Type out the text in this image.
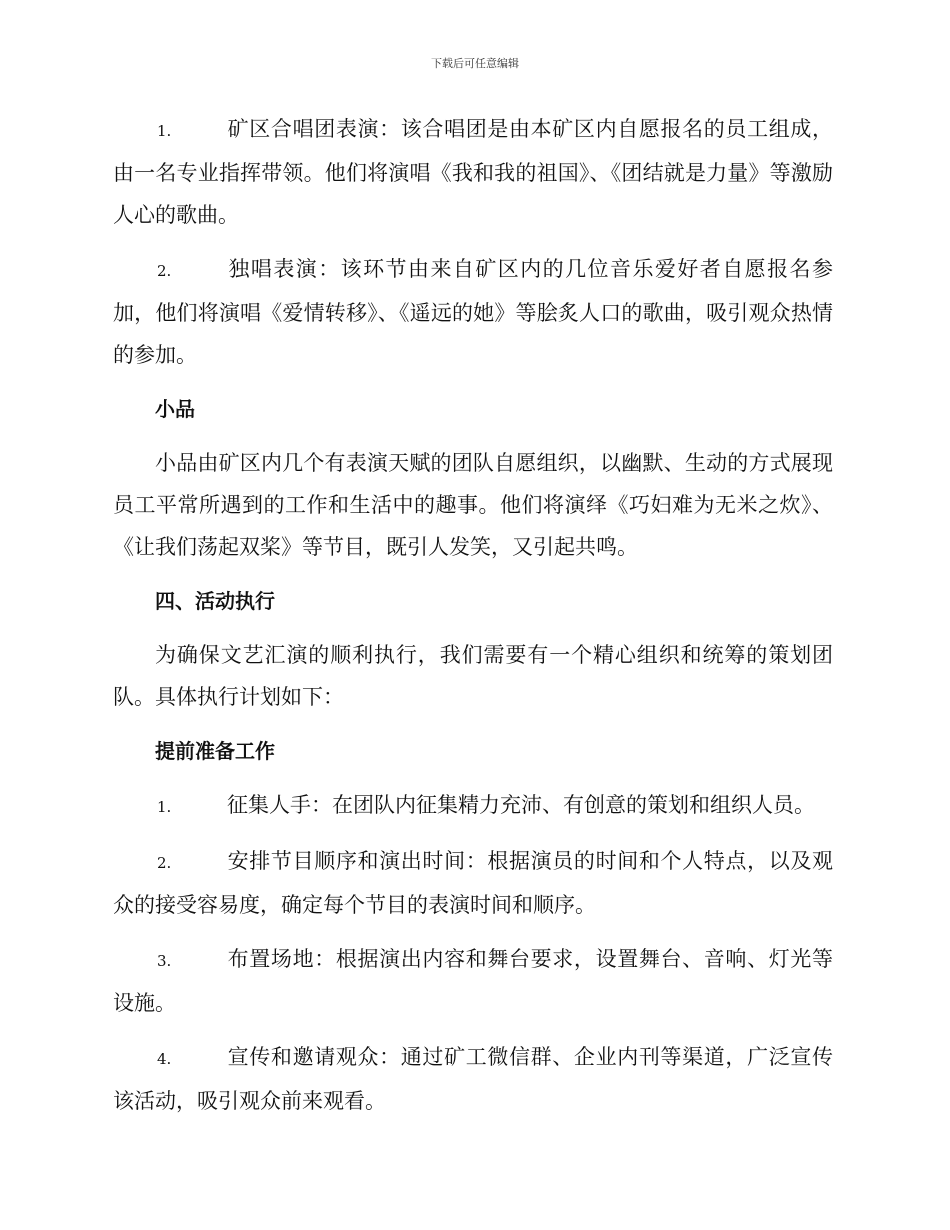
下载后可任意编辑

1.	矿区合唱团表演：该合唱团是由本矿区内自愿报名的员工组成，由一名专业指挥带领。他们将演唱《我和我的祖国》、《团结就是力量》等激励人心的歌曲。

2.	独唱表演：该环节由来自矿区内的几位音乐爱好者自愿报名参加，他们将演唱《爱情转移》、《遥远的她》等脍炙人口的歌曲，吸引观众热情的参加。

小品

小品由矿区内几个有表演天赋的团队自愿组织，以幽默、生动的方式展现员工平常所遇到的工作和生活中的趣事。他们将演绎《巧妇难为无米之炊》、《让我们荡起双桨》等节目，既引人发笑，又引起共鸣。

四、活动执行

为确保文艺汇演的顺利执行，我们需要有一个精心组织和统筹的策划团队。具体执行计划如下：

提前准备工作

1.	征集人手：在团队内征集精力充沛、有创意的策划和组织人员。

2.	安排节目顺序和演出时间：根据演员的时间和个人特点，以及观众的接受容易度，确定每个节目的表演时间和顺序。

3.	布置场地：根据演出内容和舞台要求，设置舞台、音响、灯光等设施。

4.	宣传和邀请观众：通过矿工微信群、企业内刊等渠道，广泛宣传该活动，吸引观众前来观看。
